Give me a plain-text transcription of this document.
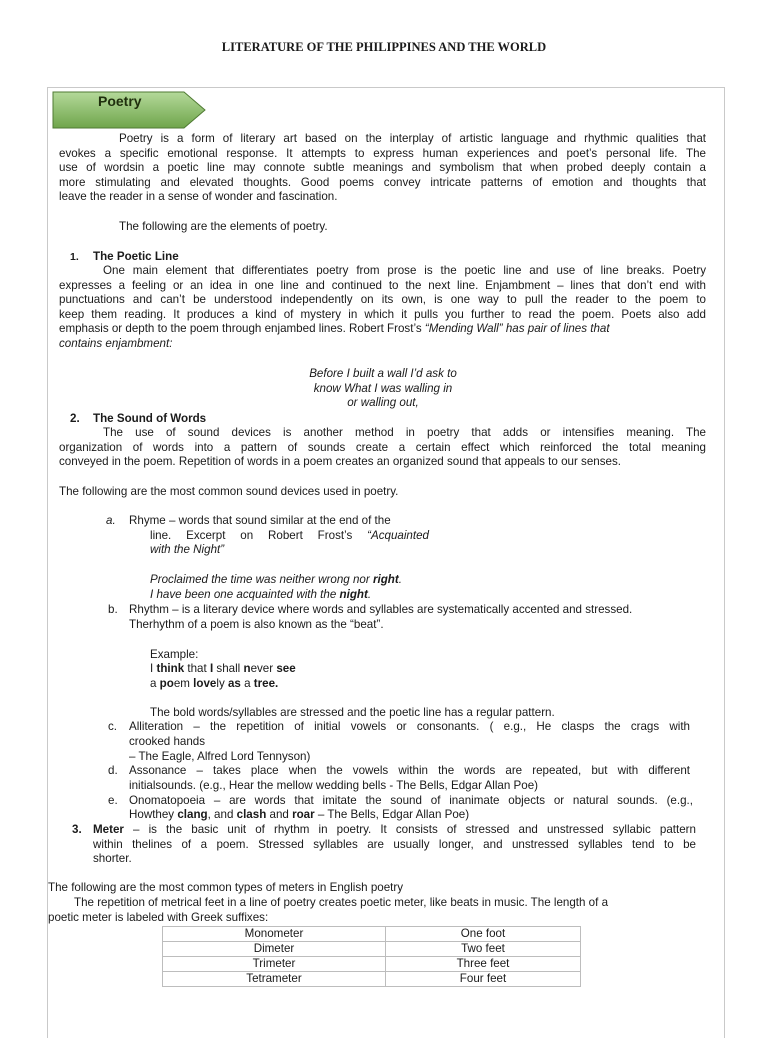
LITERATURE OF THE PHILIPPINES AND THE WORLD
Poetry
Poetry is a form of literary art based on the interplay of artistic language and rhythmic qualities that
evokes a specific emotional response. It attempts to express human experiences and poet’s personal life. The
use of wordsin a poetic line may connote subtle meanings and symbolism that when probed deeply contain a
more stimulating and elevated thoughts. Good poems convey intricate patterns of emotion and thoughts that
leave the reader in a sense of wonder and fascination.
The following are the elements of poetry.
1. The Poetic Line
One main element that differentiates poetry from prose is the poetic line and use of line breaks. Poetry
expresses a feeling or an idea in one line and continued to the next line. Enjambment – lines that don’t end with
punctuations and can’t be understood independently on its own, is one way to pull the reader to the poem to
keep them reading. It produces a kind of mystery in which it pulls you further to read the poem. Poets also add
emphasis or depth to the poem through enjambed lines. Robert Frost’s “Mending Wall” has pair of lines that
contains enjambment:
Before I built a wall I’d ask to
know What I was walling in
or walling out,
2. The Sound of Words
The use of sound devices is another method in poetry that adds or intensifies meaning. The
organization of words into a pattern of sounds create a certain effect which reinforced the total meaning
conveyed in the poem. Repetition of words in a poem creates an organized sound that appeals to our senses.
The following are the most common sound devices used in poetry.
a. Rhyme – words that sound similar at the end of the
line. Excerpt on Robert Frost’s “Acquainted
with the Night”
Proclaimed the time was neither wrong nor right.
I have been one acquainted with the night.
b. Rhythm – is a literary device where words and syllables are systematically accented and stressed.
Therhythm of a poem is also known as the “beat”.
Example:
I think that I shall never see
a poem lovely as a tree.
The bold words/syllables are stressed and the poetic line has a regular pattern.
c. Alliteration – the repetition of initial vowels or consonants. ( e.g., He clasps the crags with
crooked hands
– The Eagle, Alfred Lord Tennyson)
d. Assonance – takes place when the vowels within the words are repeated, but with different
initialsounds. (e.g., Hear the mellow wedding bells - The Bells, Edgar Allan Poe)
e. Onomatopoeia – are words that imitate the sound of inanimate objects or natural sounds. (e.g.,
Howthey clang, and clash and roar – The Bells, Edgar Allan Poe)
3. Meter – is the basic unit of rhythm in poetry. It consists of stressed and unstressed syllabic pattern
within thelines of a poem. Stressed syllables are usually longer, and unstressed syllables tend to be
shorter.
The following are the most common types of meters in English poetry
The repetition of metrical feet in a line of poetry creates poetic meter, like beats in music. The length of a
poetic meter is labeled with Greek suffixes:
Monometer	One foot
Dimeter	Two feet
Trimeter	Three feet
Tetrameter	Four feet
